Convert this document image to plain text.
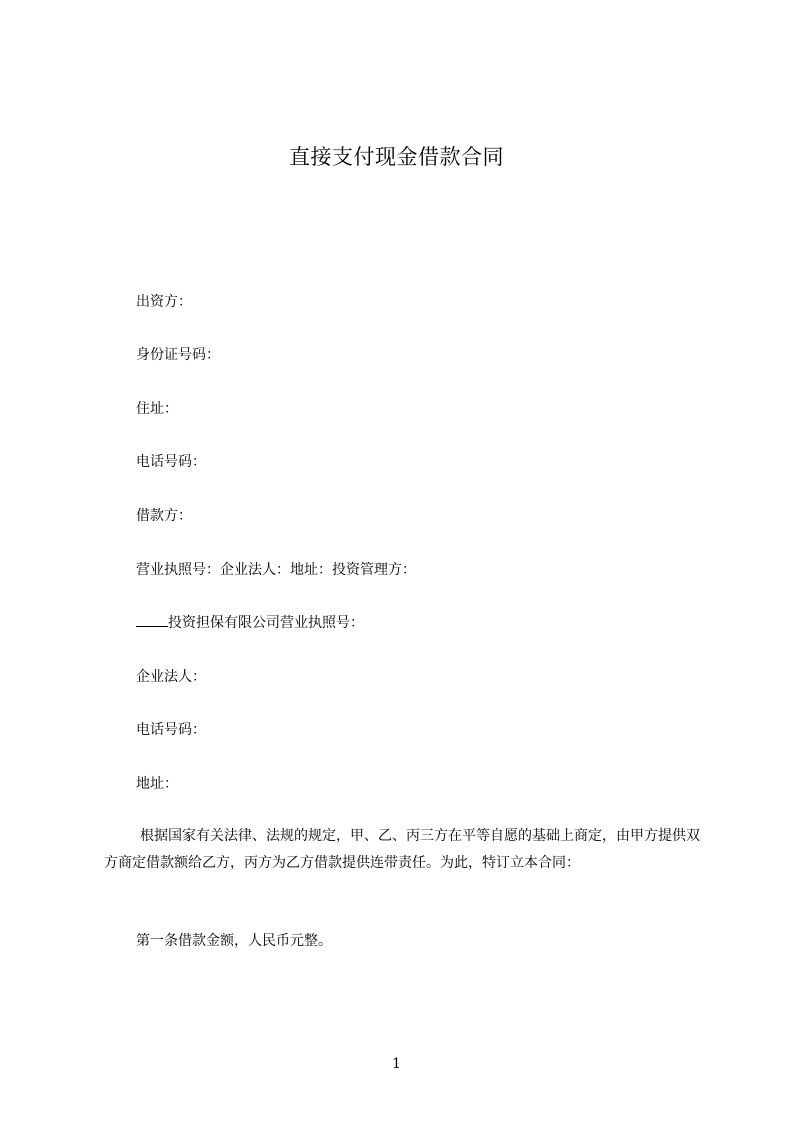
直接支付现金借款合同
出资方：
身份证号码：
住址：
电话号码：
借款方：
营业执照号：企业法人：地址：投资管理方：
投资担保有限公司营业执照号：
企业法人：
电话号码：
地址：

根据国家有关法律、法规的规定，甲、乙、丙三方在平等自愿的基础上商定，由甲方提供双方商定借款额给乙方，丙方为乙方借款提供连带责任。为此，特订立本合同：

第一条借款金额，人民币元整。
1
